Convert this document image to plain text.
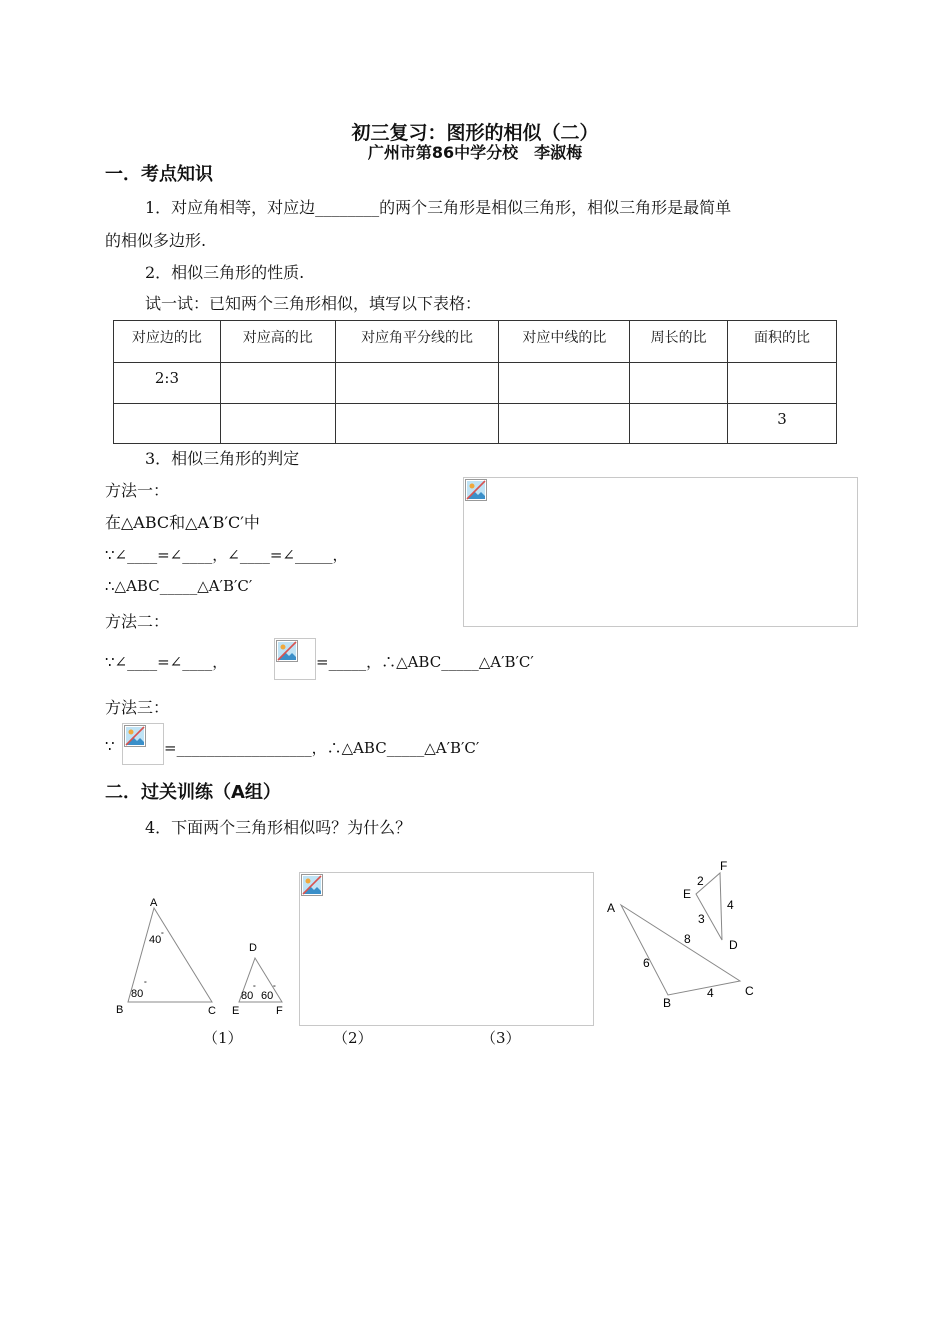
初三复习：图形的相似（二）
广州市第86中学分校　李淑梅
一．考点知识
1．对应角相等，对应边________的两个三角形是相似三角形，相似三角形是最简单
的相似多边形.
2．相似三角形的性质.
试一试：已知两个三角形相似，填写以下表格：
对应边的比	对应高的比	对应角平分线的比	对应中线的比	周长的比	面积的比
2:3					
					3
3．相似三角形的判定
方法一：
在△ABC和△A′B′C′中
∵∠____=∠____，∠____=∠_____，
∴△ABC_____△A′B′C′
方法二：
∵∠____=∠____，	=_____，∴△ABC_____△A′B′C′
方法三：
∵	=__________________，∴△ABC_____△A′B′C′
二．过关训练（A组）
4．下面两个三角形相似吗？为什么？
A
B	C
40 °
80
°
D
E	F
80
°
60
°
A
B
C
6
8
4
F
E
D
2
3
4
（1）	（2）	（3）
